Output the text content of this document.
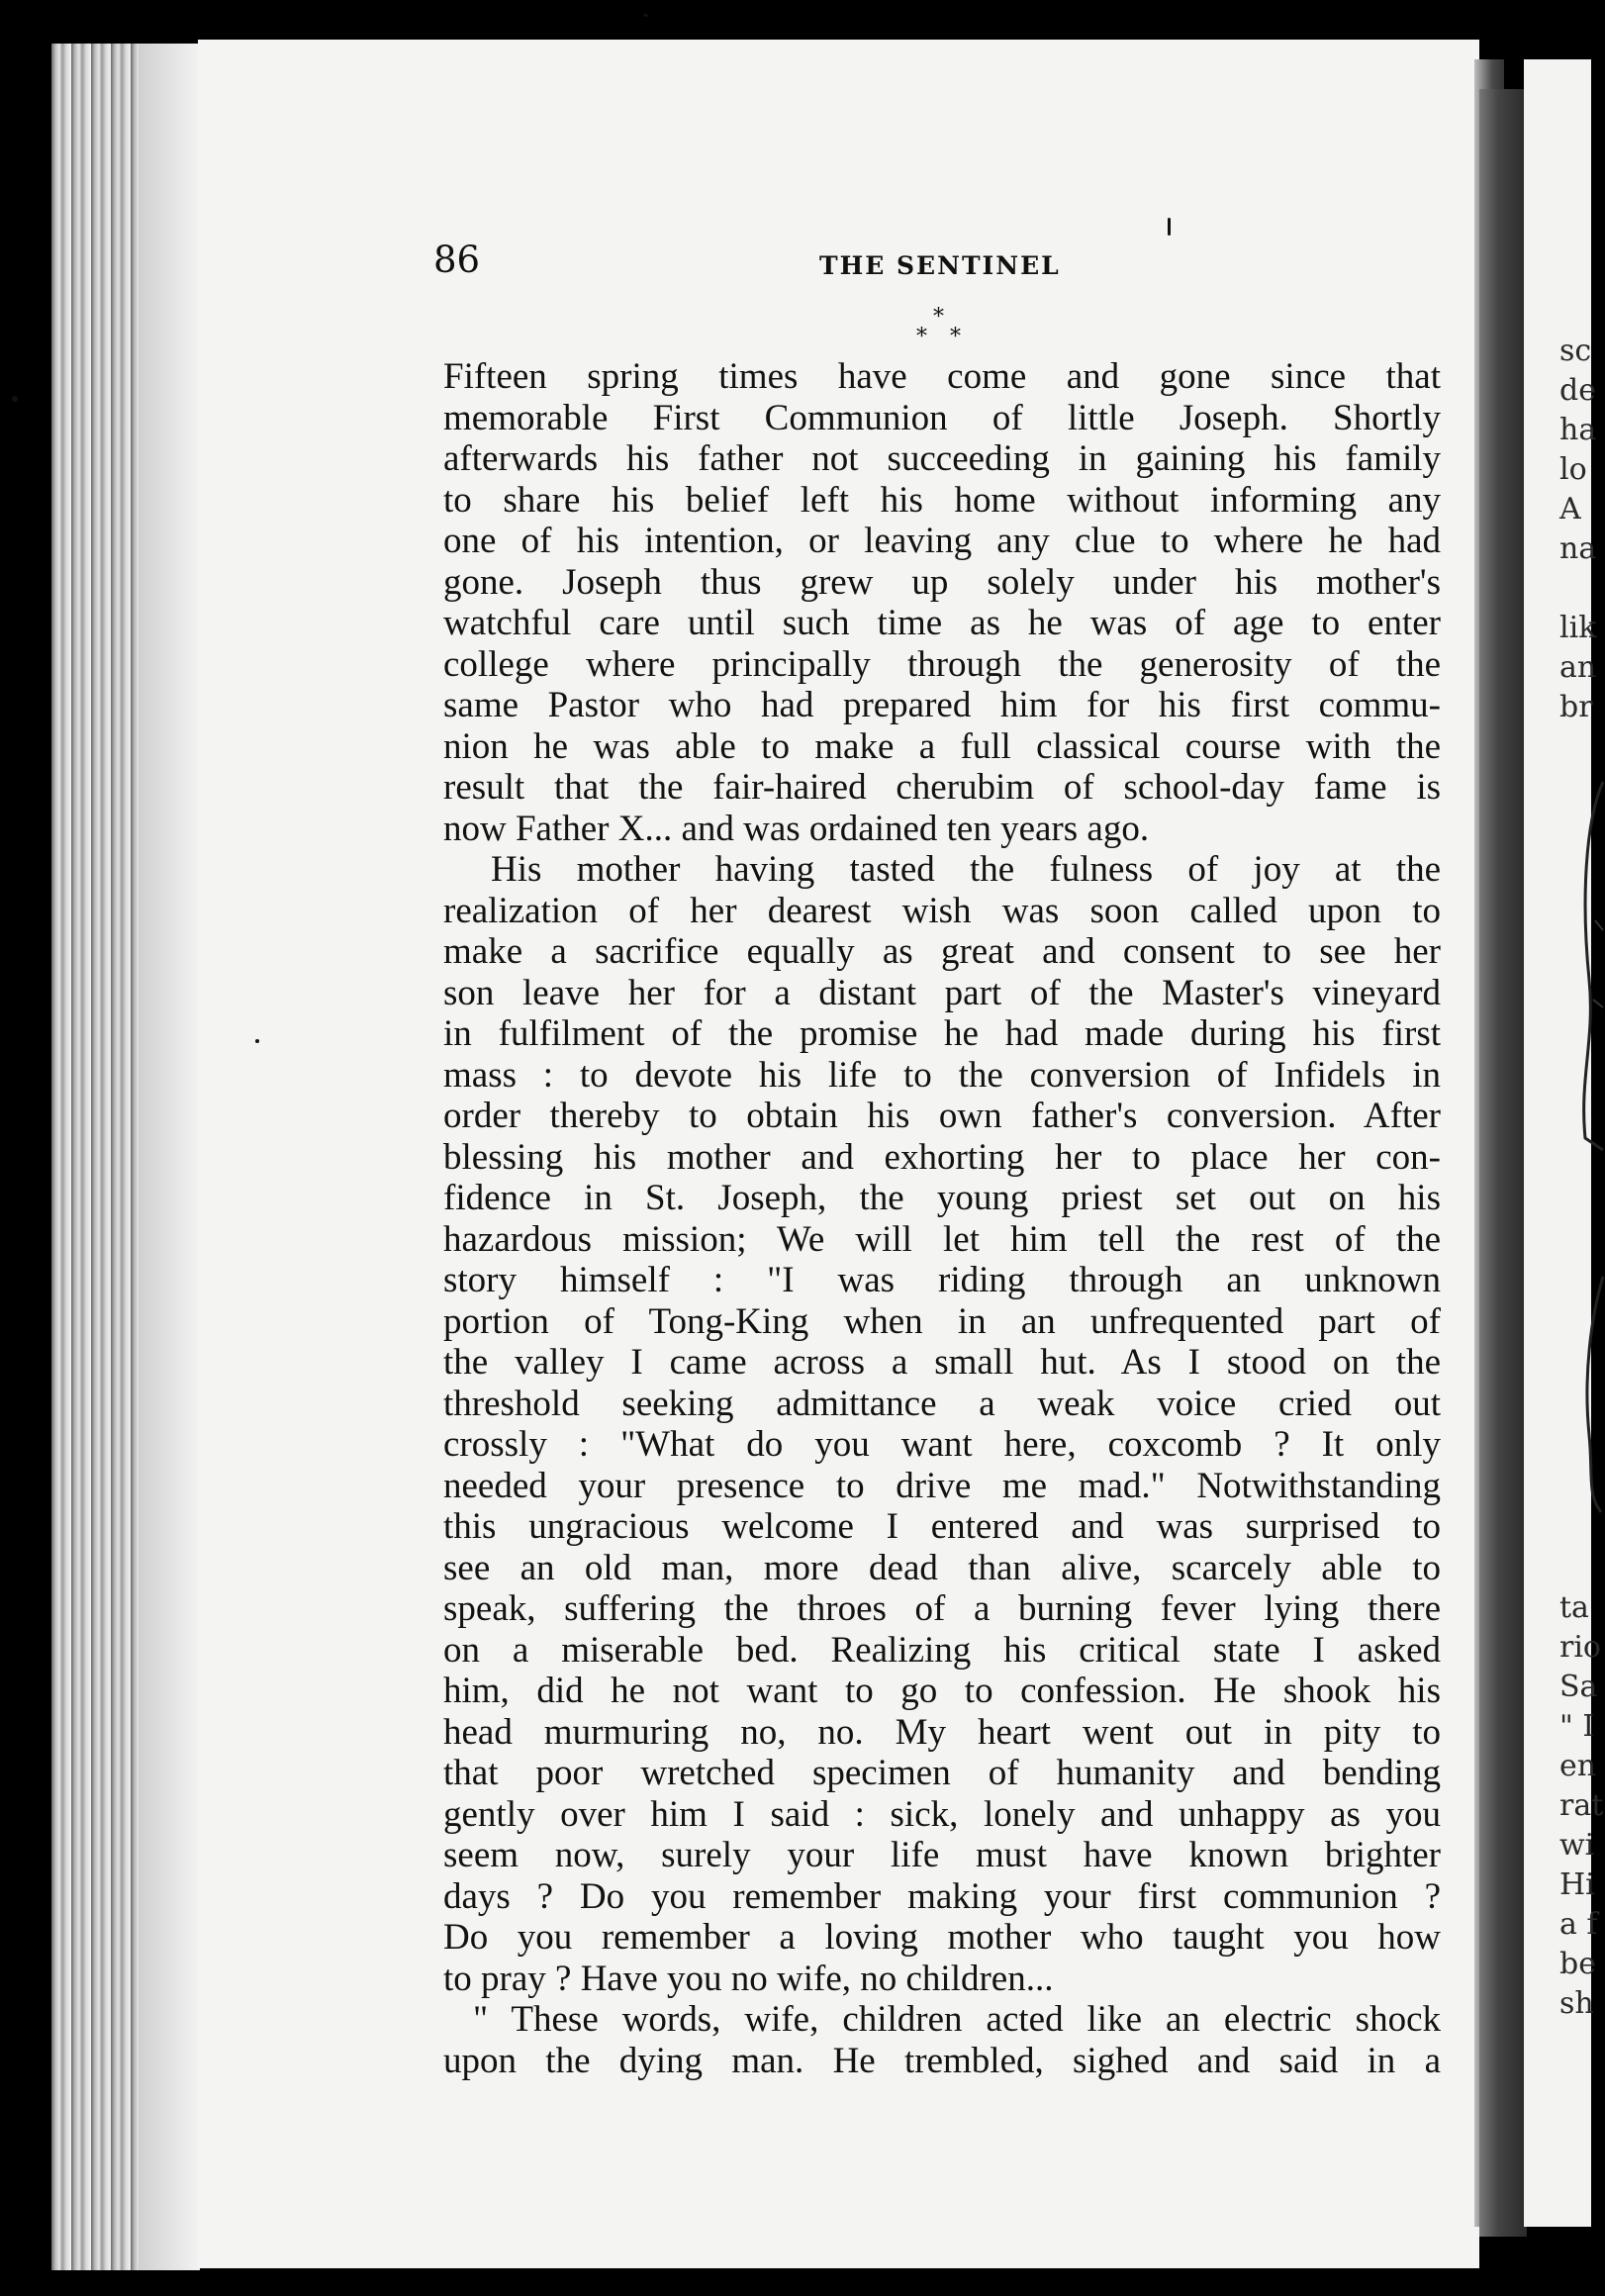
sc
de
ha
lo
A
na
lik
an
br
ta
rio
Sa
" I
en
rat
wi
Hi
a f
be
sh
86	THE SENTINEL
*
* *
Fifteen spring times have come and gone since that
memorable First Communion of little Joseph. Shortly
afterwards his father not succeeding in gaining his family
to share his belief left his home without informing any
one of his intention, or leaving any clue to where he had
gone. Joseph thus grew up solely under his mother's
watchful care until such time as he was of age to enter
college where principally through the generosity of the
same Pastor who had prepared him for his first commu-
nion he was able to make a full classical course with the
result that the fair-haired cherubim of school-day fame is
now Father X... and was ordained ten years ago.
His mother having tasted the fulness of joy at the
realization of her dearest wish was soon called upon to
make a sacrifice equally as great and consent to see her
son leave her for a distant part of the Master's vineyard
in fulfilment of the promise he had made during his first
mass : to devote his life to the conversion of Infidels in
order thereby to obtain his own father's conversion. After
blessing his mother and exhorting her to place her con-
fidence in St. Joseph, the young priest set out on his
hazardous mission; We will let him tell the rest of the
story himself : "I was riding through an unknown
portion of Tong-King when in an unfrequented part of
the valley I came across a small hut. As I stood on the
threshold seeking admittance a weak voice cried out
crossly : "What do you want here, coxcomb ? It only
needed your presence to drive me mad." Notwithstanding
this ungracious welcome I entered and was surprised to
see an old man, more dead than alive, scarcely able to
speak, suffering the throes of a burning fever lying there
on a miserable bed. Realizing his critical state I asked
him, did he not want to go to confession. He shook his
head murmuring no, no. My heart went out in pity to
that poor wretched specimen of humanity and bending
gently over him I said : sick, lonely and unhappy as you
seem now, surely your life must have known brighter
days ? Do you remember making your first communion ?
Do you remember a loving mother who taught you how
to pray ? Have you no wife, no children...
" These words, wife, children acted like an electric shock
upon the dying man. He trembled, sighed and said in a
